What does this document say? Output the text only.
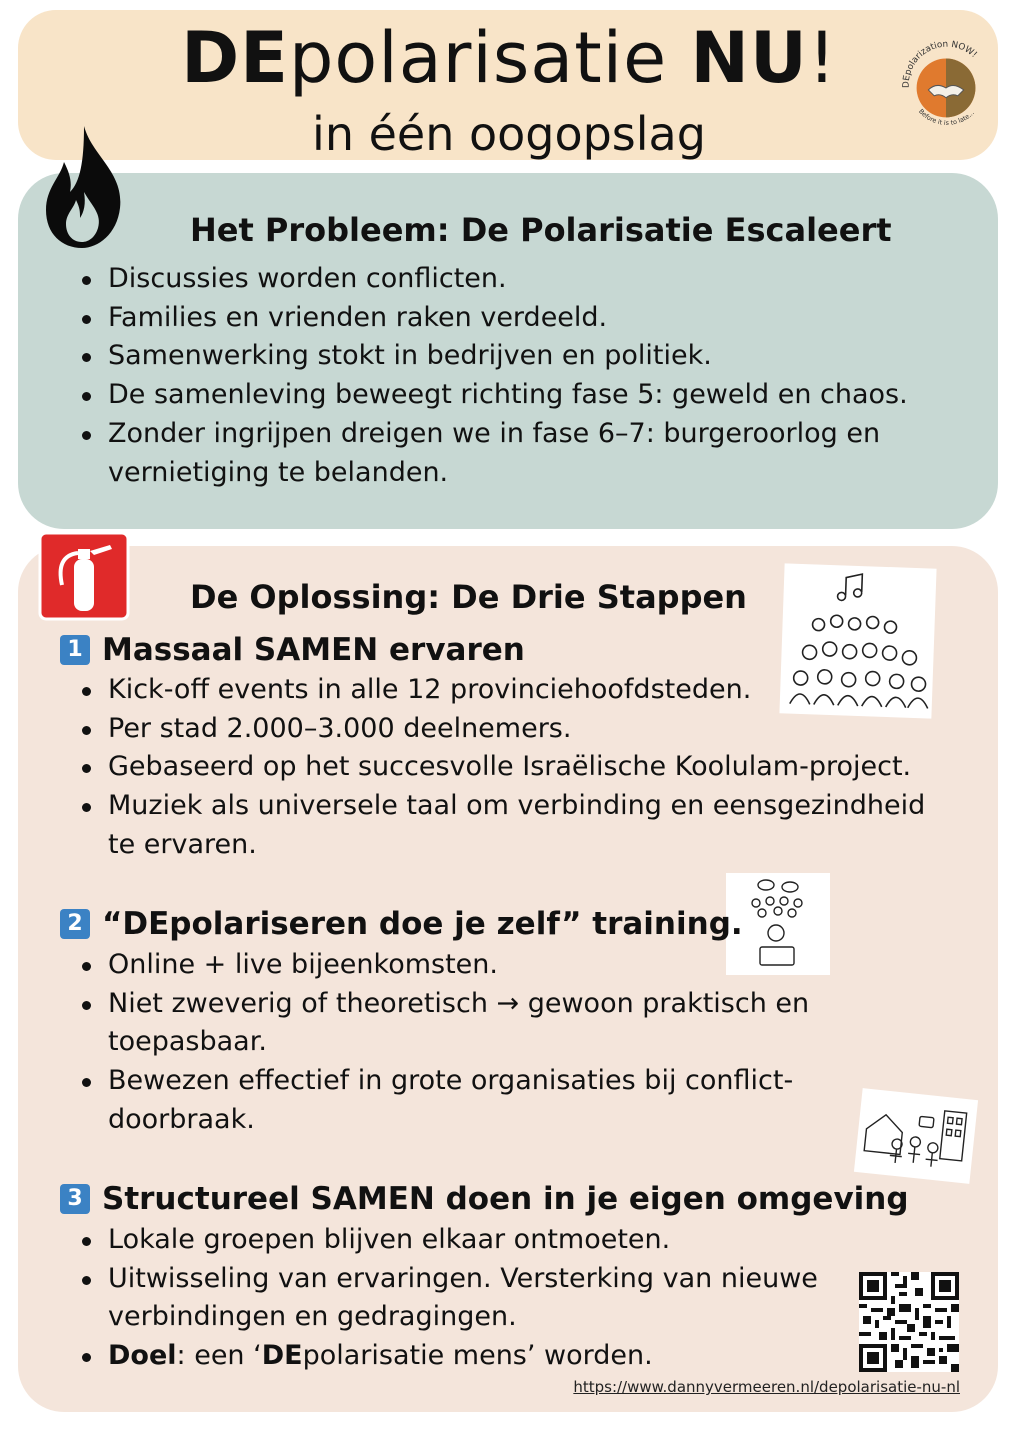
DEpolarisatie NU!
in één oogopslag
DEpolarization NOW!
Before it is to late...
Het Probleem: De Polarisatie Escaleert
Discussies worden conflicten.
Families en vrienden raken verdeeld.
Samenwerking stokt in bedrijven en politiek.
De samenleving beweegt richting fase 5: geweld en chaos.
Zonder ingrijpen dreigen we in fase 6–7: burgeroorlog en vernietiging te belanden.
De Oplossing: De Drie Stappen
1 Massaal SAMEN ervaren
Kick-off events in alle 12 provinciehoofdsteden.
Per stad 2.000–3.000 deelnemers.
Gebaseerd op het succesvolle Israëlische Koolulam-project.
Muziek als universele taal om verbinding en eensgezindheid te ervaren.
2 “DEpolariseren doe je zelf” training.
Online + live bijeenkomsten.
Niet zweverig of theoretisch → gewoon praktisch en toepasbaar.
Bewezen effectief in grote organisaties bij conflict-doorbraak.
3 Structureel SAMEN doen in je eigen omgeving
Lokale groepen blijven elkaar ontmoeten.
Uitwisseling van ervaringen. Versterking van nieuwe verbindingen en gedragingen.
Doel: een ‘DEpolarisatie mens’ worden.
https://www.dannyvermeeren.nl/depolarisatie-nu-nl
